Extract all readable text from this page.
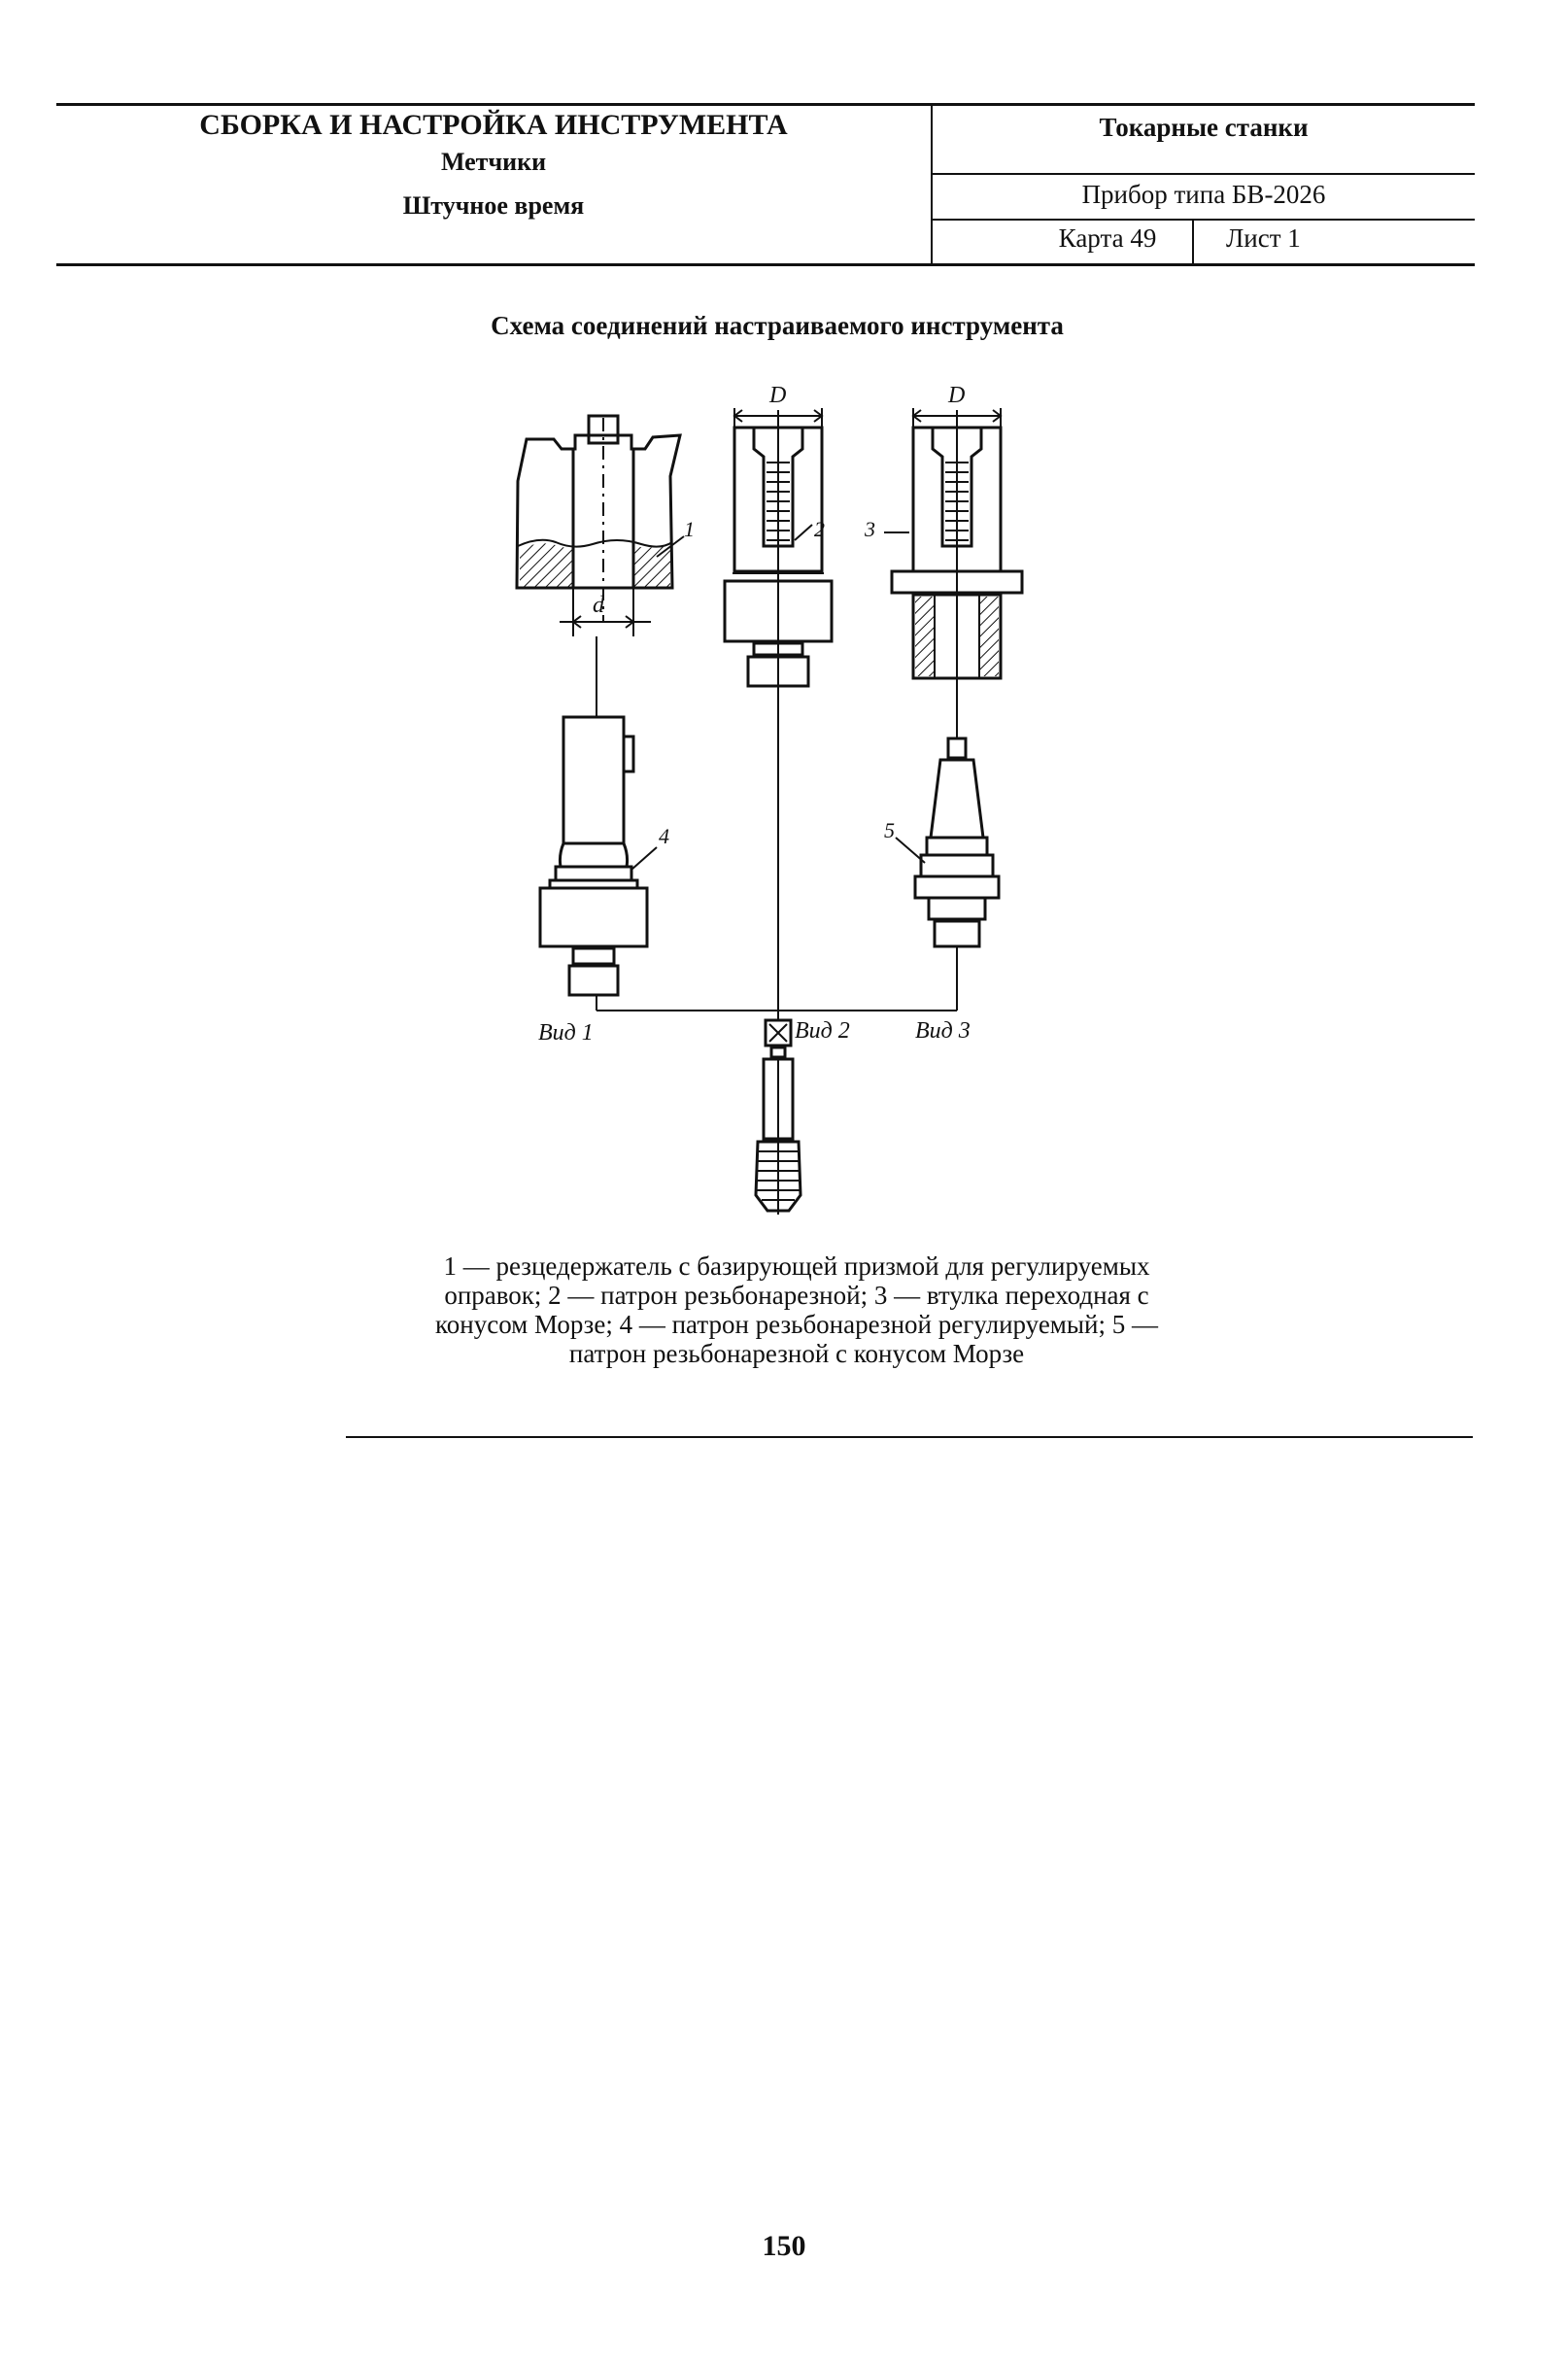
СБОРКА И НАСТРОЙКА ИНСТРУМЕНТА
Метчики
Штучное время
Токарные станки
Прибор типа БВ-2026
Карта 49	Лист 1
Схема соединений настраиваемого инструмента
D	D
d
1	2 3
4	5
Вид 1	Вид 2	Вид 3
1 — резцедержатель с базирующей призмой для регулируемых оправок; 2 — патрон резьбонарезной; 3 — втулка переходная с конусом Морзе; 4 — патрон резьбонарезной регулируемый; 5 — патрон резьбонарезной с конусом Морзе
150
